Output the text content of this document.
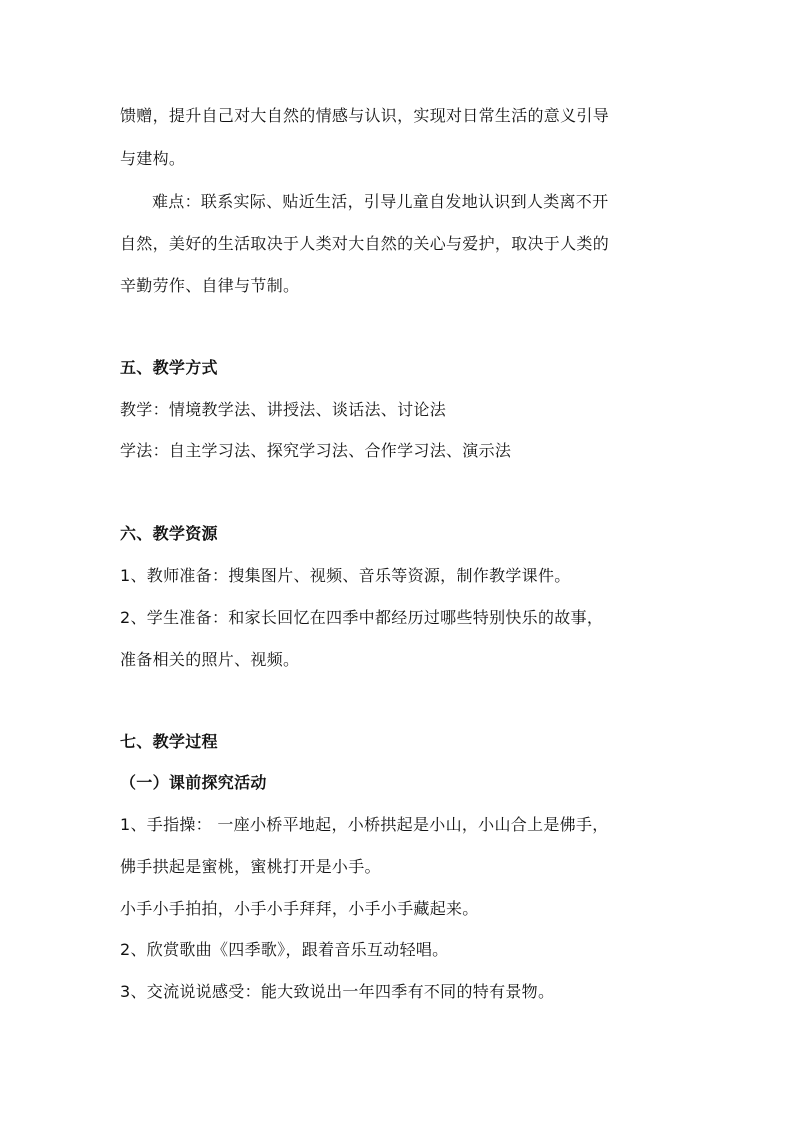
馈赠，提升自己对大自然的情感与认识，实现对日常生活的意义引导
与建构。
难点：联系实际、贴近生活，引导儿童自发地认识到人类离不开
自然，美好的生活取决于人类对大自然的关心与爱护，取决于人类的
辛勤劳作、自律与节制。
五、教学方式
教学：情境教学法、讲授法、谈话法、讨论法
学法：自主学习法、探究学习法、合作学习法、演示法
六、教学资源
1、教师准备：搜集图片、视频、音乐等资源，制作教学课件。
2、学生准备：和家长回忆在四季中都经历过哪些特别快乐的故事，
准备相关的照片、视频。
七、教学过程
（一）课前探究活动
1、手指操： 一座小桥平地起，小桥拱起是小山，小山合上是佛手，
佛手拱起是蜜桃，蜜桃打开是小手。
小手小手拍拍，小手小手拜拜，小手小手藏起来。
2、欣赏歌曲《四季歌》，跟着音乐互动轻唱。
3、交流说说感受：能大致说出一年四季有不同的特有景物。
